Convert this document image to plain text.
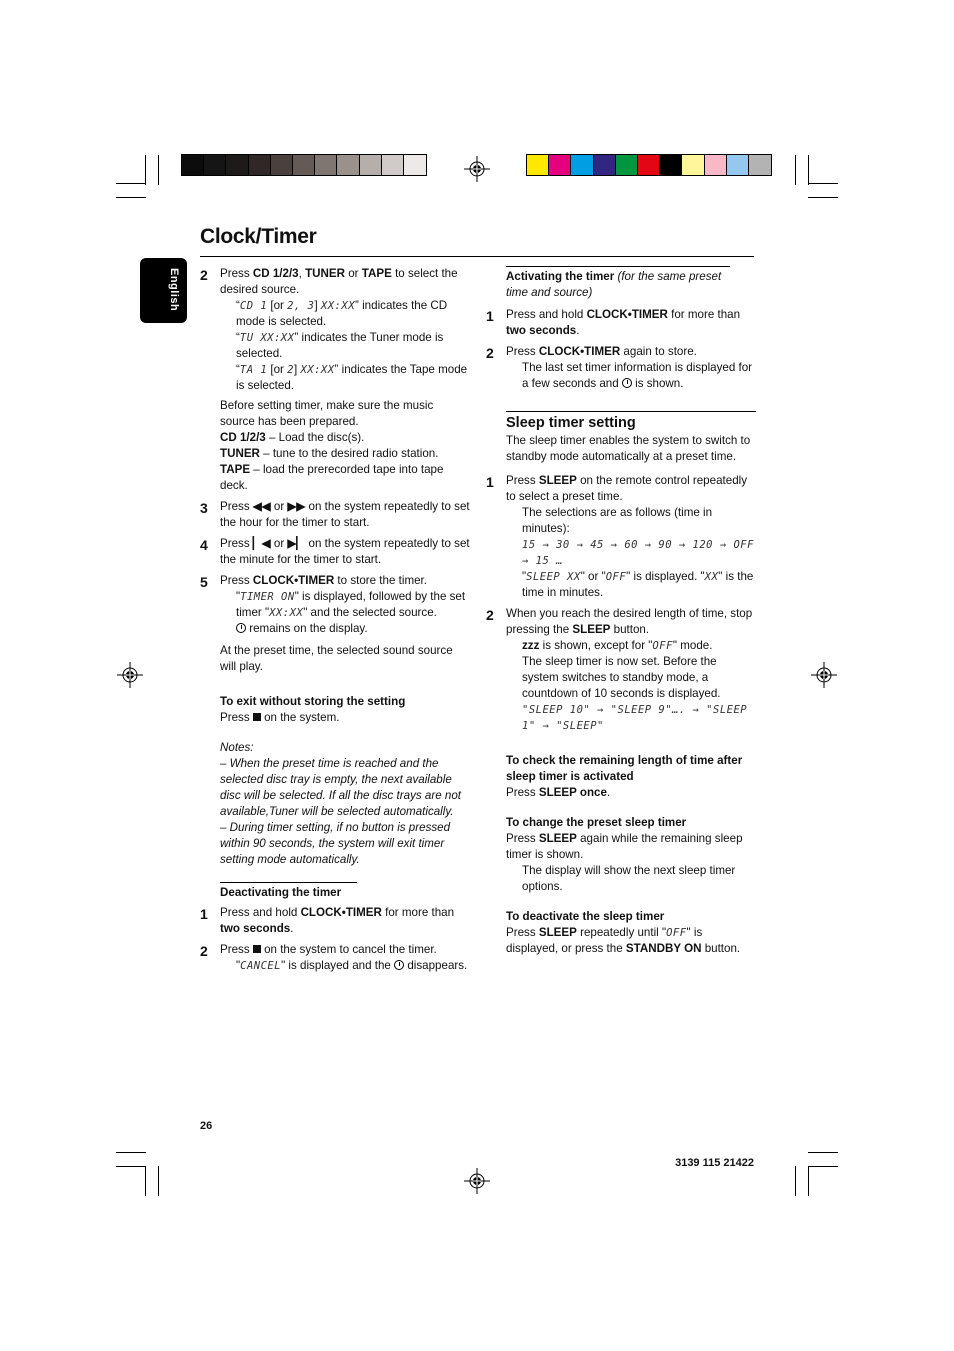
Clock/Timer
English 2 Press CD 1/2/3, TUNER or TAPE to select the desired source.
“CD 1 [or 2, 3] XX:XX” indicates the CD mode is selected.
“TU XX:XX” indicates the Tuner mode is selected.
“TA 1 [or 2] XX:XX” indicates the Tape mode is selected.
Before setting timer, make sure the music source has been prepared.
CD 1/2/3 – Load the disc(s).
TUNER – tune to the desired radio station.
TAPE – load the prerecorded tape into tape deck.
3 Press ◀◀ or ▶▶ on the system repeatedly to set the hour for the timer to start.
4 Press ▏◀ or ▶▏ on the system repeatedly to set the minute for the timer to start.
5 Press CLOCK•TIMER to store the timer.
"TIMER ON" is displayed, followed by the set timer "XX:XX" and the selected source.
remains on the display.
At the preset time, the selected sound source will play.
To exit without storing the setting
Press  on the system.
Notes:
– When the preset time is reached and the selected disc tray is empty, the next available disc will be selected. If all the disc trays are not available,Tuner will be selected automatically.
– During timer setting, if no button is pressed within 90 seconds, the system will exit timer setting mode automatically.
Deactivating the timer
1 Press and hold CLOCK•TIMER for more than two seconds.
2 Press  on the system to cancel the timer.
"CANCEL" is displayed and the  disappears.
Activating the timer (for the same preset time and source)
1 Press and hold CLOCK•TIMER for more than two seconds.
2 Press CLOCK•TIMER again to store.
The last set timer information is displayed for a few seconds and  is shown.
Sleep timer setting
The sleep timer enables the system to switch to standby mode automatically at a preset time.
1 Press SLEEP on the remote control repeatedly to select a preset time.
The selections are as follows (time in minutes):
15 → 30 → 45 → 60 → 90 → 120 → OFF → 15 …
"SLEEP XX" or "OFF" is displayed. "XX" is the time in minutes.
2 When you reach the desired length of time, stop pressing the SLEEP button.
zzz is shown, except for "OFF" mode.
The sleep timer is now set. Before the system switches to standby mode, a countdown of 10 seconds is displayed.
"SLEEP 10" → "SLEEP 9"…. → "SLEEP 1" → "SLEEP"
To check the remaining length of time after sleep timer is activated
Press SLEEP once.
To change the preset sleep timer
Press SLEEP again while the remaining sleep timer is shown.
The display will show the next sleep timer options.
To deactivate the sleep timer
Press SLEEP repeatedly until "OFF" is displayed, or press the STANDBY ON button.
26
3139 115 21422
